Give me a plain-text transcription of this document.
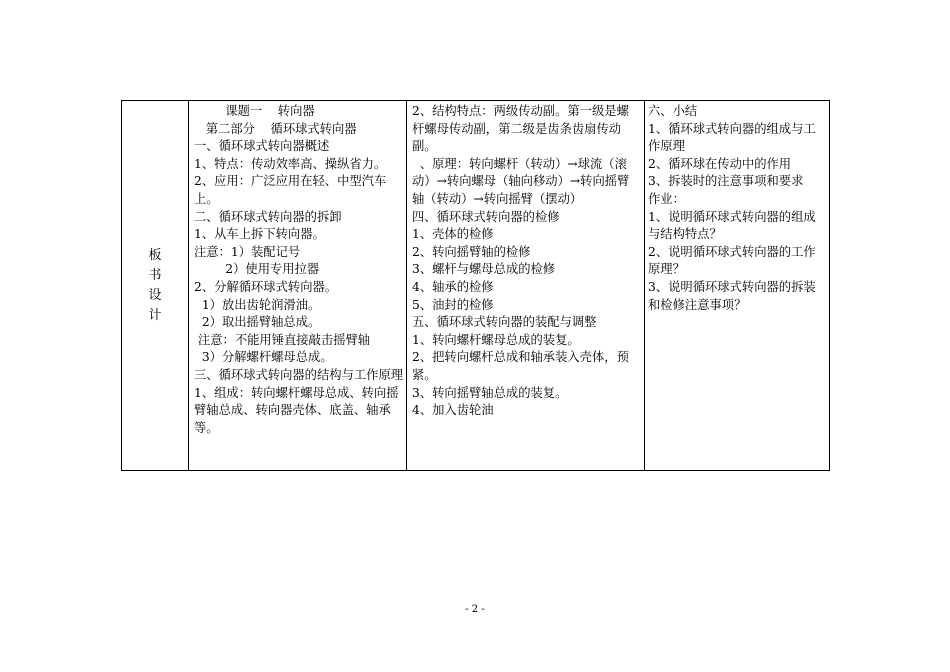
板书设计

课题一    转向器

第二部分    循环球式转向器

一、循环球式转向器概述

1、特点：传动效率高、操纵省力。

2、应用：广泛应用在轻、中型汽车上。

二、循环球式转向器的拆卸

1、从车上拆下转向器。

注意：1）装配记号

2）使用专用拉器

2、分解循环球式转向器。

1）放出齿轮润滑油。

2）取出摇臂轴总成。

注意：不能用锤直接敲击摇臂轴

3）分解螺杆螺母总成。

三、循环球式转向器的结构与工作原理

1、组成：转向螺杆螺母总成、转向摇臂轴总成、转向器壳体、底盖、轴承等。

2、结构特点：两级传动副。第一级是螺杆螺母传动副，第二级是齿条齿扇传动副。

、原理：转向螺杆（转动）→球流（滚动）→转向螺母（轴向移动）→转向摇臂轴（转动）→转向摇臂（摆动）

四、循环球式转向器的检修

1、壳体的检修

2、转向摇臂轴的检修

3、螺杆与螺母总成的检修

4、轴承的检修

5、油封的检修

五、循环球式转向器的装配与调整

1、转向螺杆螺母总成的装复。

2、把转向螺杆总成和轴承装入壳体，预紧。

3、转向摇臂轴总成的装复。

4、加入齿轮油

六、小结

1、循环球式转向器的组成与工作原理

2、循环球在传动中的作用

3、拆装时的注意事项和要求

作业：

1、说明循环球式转向器的组成与结构特点？

2、说明循环球式转向器的工作原理？

3、说明循环球式转向器的拆装和检修注意事项？

- 2 -
